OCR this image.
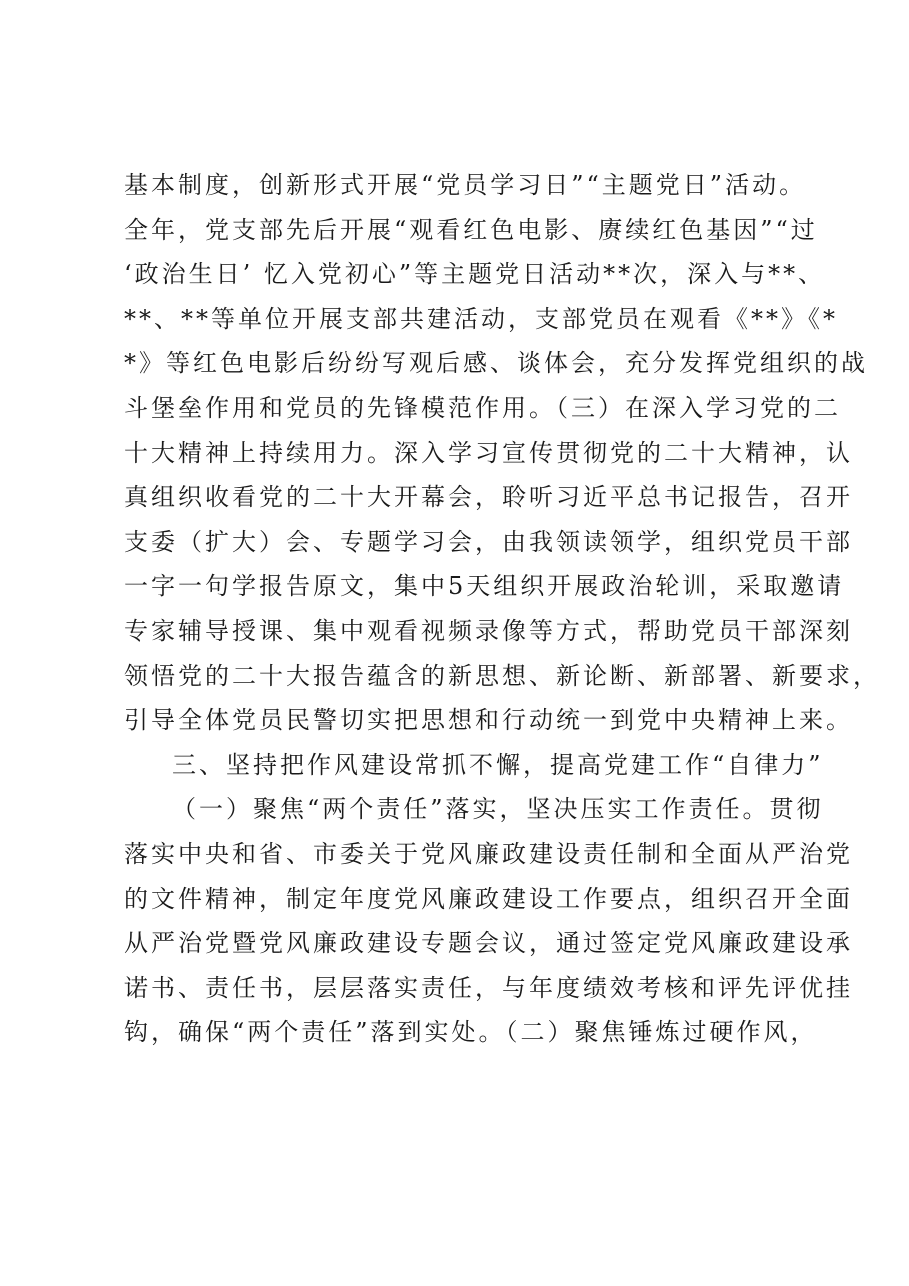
基本制度，创新形式开展“党员学习日”“主题党日”活动。
全年，党支部先后开展“观看红色电影、赓续红色基因”“过
‘政治生日’ 忆入党初心”等主题党日活动**次，深入与**、
**、**等单位开展支部共建活动，支部党员在观看《**》《*
*》等红色电影后纷纷写观后感、谈体会，充分发挥党组织的战
斗堡垒作用和党员的先锋模范作用。（三）在深入学习党的二
十大精神上持续用力。深入学习宣传贯彻党的二十大精神，认
真组织收看党的二十大开幕会，聆听习近平总书记报告，召开
支委（扩大）会、专题学习会，由我领读领学，组织党员干部
一字一句学报告原文，集中5天组织开展政治轮训，采取邀请
专家辅导授课、集中观看视频录像等方式，帮助党员干部深刻
领悟党的二十大报告蕴含的新思想、新论断、新部署、新要求，
引导全体党员民警切实把思想和行动统一到党中央精神上来。
三、坚持把作风建设常抓不懈，提高党建工作“自律力”
（一）聚焦“两个责任”落实，坚决压实工作责任。贯彻
落实中央和省、市委关于党风廉政建设责任制和全面从严治党
的文件精神，制定年度党风廉政建设工作要点，组织召开全面
从严治党暨党风廉政建设专题会议，通过签定党风廉政建设承
诺书、责任书，层层落实责任，与年度绩效考核和评先评优挂
钩，确保“两个责任”落到实处。（二）聚焦锤炼过硬作风，
